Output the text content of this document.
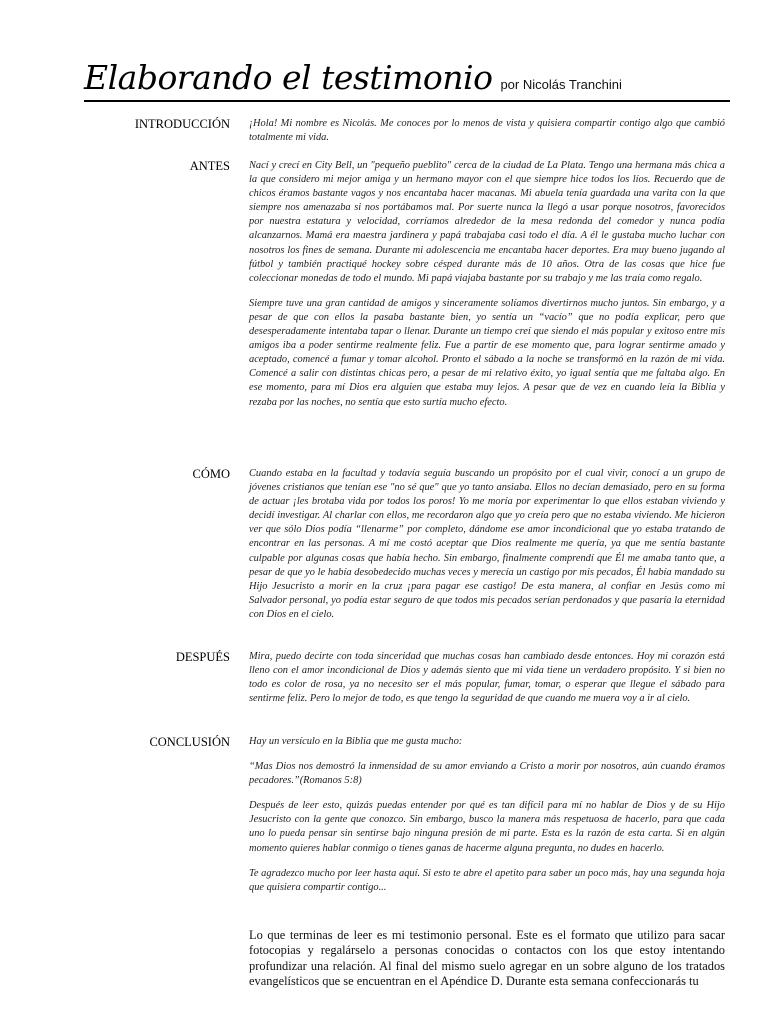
Elaborando el testimonio por Nicolás Tranchini
INTRODUCCIÓN ¡Hola! Mi nombre es Nicolás. Me conoces por lo menos de vista y quisiera compartir contigo algo que cambió totalmente mi vida.

ANTES Nací y crecí en City Bell, un "pequeño pueblito" cerca de la ciudad de La Plata. Tengo una hermana más chica a la que considero mi mejor amiga y un hermano mayor con el que siempre hice todos los líos. Recuerdo que de chicos éramos bastante vagos y nos encantaba hacer macanas. Mi abuela tenía guardada una varita con la que siempre nos amenazaba si nos portábamos mal. Por suerte nunca la llegó a usar porque nosotros, favorecidos por nuestra estatura y velocidad, corríamos alrededor de la mesa redonda del comedor y nunca podía alcanzarnos. Mamá era maestra jardinera y papá trabajaba casi todo el día. A él le gustaba mucho luchar con nosotros los fines de semana. Durante mi adolescencia me encantaba hacer deportes. Era muy bueno jugando al fútbol y también practiqué hockey sobre césped durante más de 10 años. Otra de las cosas que hice fue coleccionar monedas de todo el mundo. Mi papá viajaba bastante por su trabajo y me las traía como regalo.

Siempre tuve una gran cantidad de amigos y sinceramente solíamos divertirnos mucho juntos. Sin embargo, y a pesar de que con ellos la pasaba bastante bien, yo sentía un “vacío” que no podía explicar, pero que desesperadamente intentaba tapar o llenar. Durante un tiempo creí que siendo el más popular y exitoso entre mis amigos iba a poder sentirme realmente feliz. Fue a partir de ese momento que, para lograr sentirme amado y aceptado, comencé a fumar y tomar alcohol. Pronto el sábado a la noche se transformó en la razón de mi vida. Comencé a salir con distintas chicas pero, a pesar de mi relativo éxito, yo igual sentía que me faltaba algo. En ese momento, para mí Dios era alguien que estaba muy lejos. A pesar que de vez en cuando leía la Biblia y rezaba por las noches, no sentía que esto surtía mucho efecto.

CÓMO Cuando estaba en la facultad y todavía seguía buscando un propósito por el cual vivir, conocí a un grupo de jóvenes cristianos que tenían ese "no sé que" que yo tanto ansiaba. Ellos no decían demasiado, pero en su forma de actuar ¡les brotaba vida por todos los poros! Yo me moría por experimentar lo que ellos estaban viviendo y decidí investigar. Al charlar con ellos, me recordaron algo que yo creía pero que no estaba viviendo. Me hicieron ver que sólo Dios podía “llenarme” por completo, dándome ese amor incondicional que yo estaba tratando de encontrar en las personas. A mí me costó aceptar que Dios realmente me quería, ya que me sentía bastante culpable por algunas cosas que había hecho. Sin embargo, finalmente comprendí que Él me amaba tanto que, a pesar de que yo le había desobedecido muchas veces y merecía un castigo por mis pecados, Él había mandado su Hijo Jesucristo a morir en la cruz ¡para pagar ese castigo! De esta manera, al confiar en Jesús como mi Salvador personal, yo podía estar seguro de que todos mis pecados serían perdonados y que pasaría la eternidad con Dios en el cielo.

DESPUÉS Mira, puedo decirte con toda sinceridad que muchas cosas han cambiado desde entonces. Hoy mi corazón está lleno con el amor incondicional de Dios y además siento que mi vida tiene un verdadero propósito. Y si bien no todo es color de rosa, ya no necesito ser el más popular, fumar, tomar, o esperar que llegue el sábado para sentirme feliz. Pero lo mejor de todo, es que tengo la seguridad de que cuando me muera voy a ir al cielo.

CONCLUSIÓN Hay un versículo en la Biblia que me gusta mucho:

“Mas Dios nos demostró la inmensidad de su amor enviando a Cristo a morir por nosotros, aún cuando éramos pecadores.”(Romanos 5:8)

Después de leer esto, quizás puedas entender por qué es tan difícil para mí no hablar de Dios y de su Hijo Jesucristo con la gente que conozco. Sin embargo, busco la manera más respetuosa de hacerlo, para que cada uno lo pueda pensar sin sentirse bajo ninguna presión de mi parte. Esta es la razón de esta carta. Si en algún momento quieres hablar conmigo o tienes ganas de hacerme alguna pregunta, no dudes en hacerlo.

Te agradezco mucho por leer hasta aquí. Si esto te abre el apetito para saber un poco más, hay una segunda hoja que quisiera compartir contigo...

Lo que terminas de leer es mi testimonio personal. Este es el formato que utilizo para sacar fotocopias y regalárselo a personas conocidas o contactos con los que estoy intentando profundizar una relación. Al final del mismo suelo agregar en un sobre alguno de los tratados evangelísticos que se encuentran en el Apéndice D. Durante esta semana confeccionarás tu
